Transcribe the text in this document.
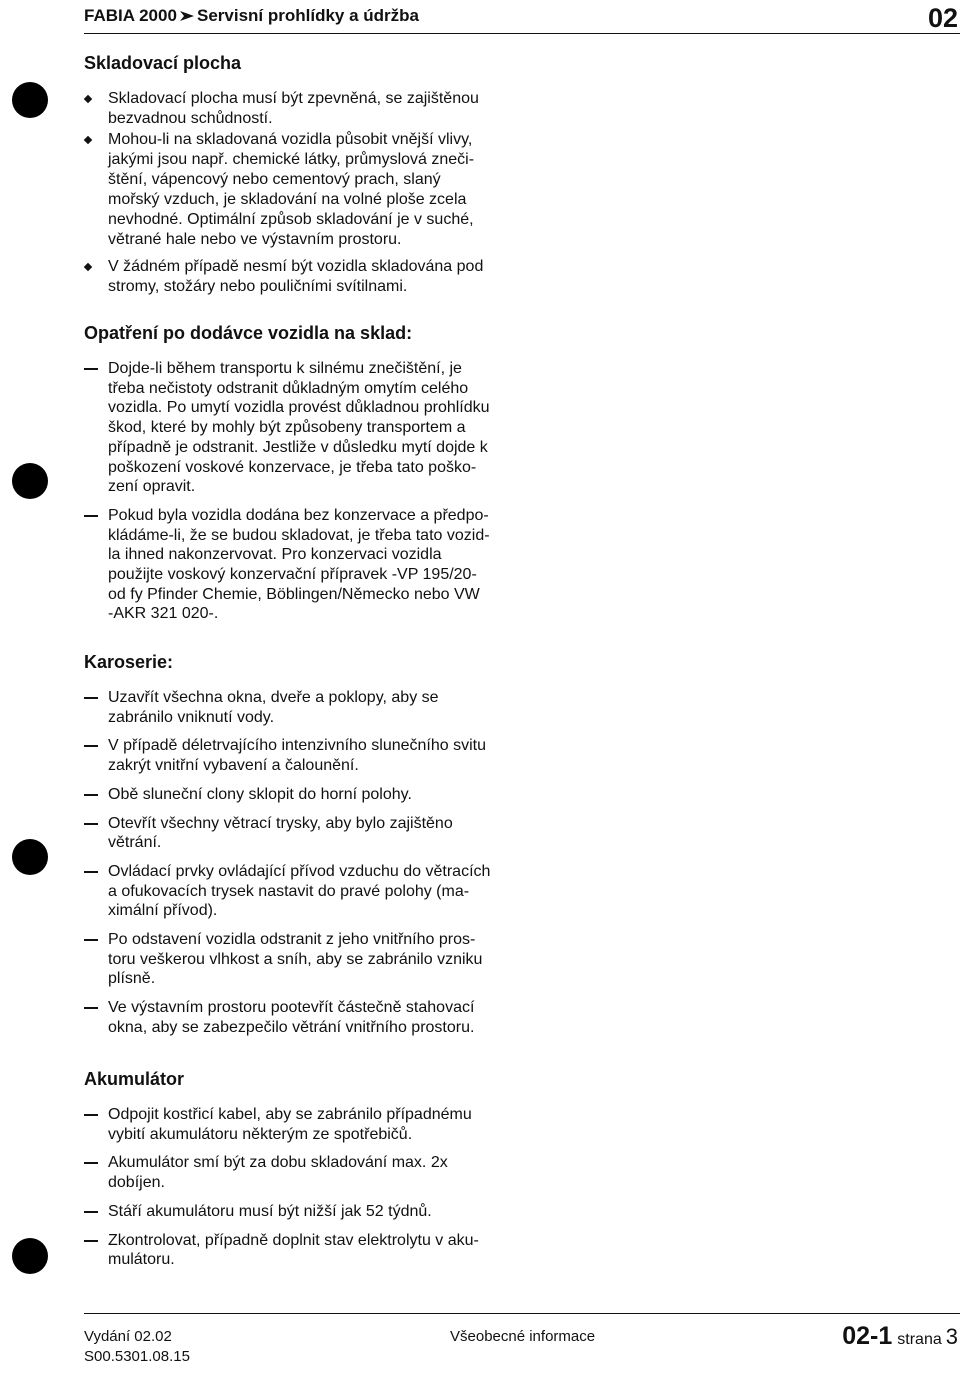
FABIA 2000 Servisní prohlídky a údržba	02
Skladovací plocha
Skladovací plocha musí být zpevněná, se zajištěnou
bezvadnou schůdností.
Mohou-li na skladovaná vozidla působit vnější vlivy,
jakými jsou např. chemické látky, průmyslová zneči-
štění, vápencový nebo cementový prach, slaný
mořský vzduch, je skladování na volné ploše zcela
nevhodné. Optimální způsob skladování je v suché,
větrané hale nebo ve výstavním prostoru.
V žádném případě nesmí být vozidla skladována pod
stromy, stožáry nebo pouličními svítilnami.
Opatření po dodávce vozidla na sklad:
Dojde-li během transportu k silnému znečištění, je
třeba nečistoty odstranit důkladným omytím celého
vozidla. Po umytí vozidla provést důkladnou prohlídku
škod, které by mohly být způsobeny transportem a
případně je odstranit. Jestliže v důsledku mytí dojde k
poškození voskové konzervace, je třeba tato poško-
zení opravit.
Pokud byla vozidla dodána bez konzervace a předpo-
kládáme-li, že se budou skladovat, je třeba tato vozid-
la ihned nakonzervovat. Pro konzervaci vozidla
použijte voskový konzervační přípravek -VP 195/20-
od fy Pfinder Chemie, Böblingen/Německo nebo VW
-AKR 321 020-.
Karoserie:
Uzavřít všechna okna, dveře a poklopy, aby se
zabránilo vniknutí vody.
V případě déletrvajícího intenzivního slunečního svitu
zakrýt vnitřní vybavení a čalounění.
Obě sluneční clony sklopit do horní polohy.
Otevřít všechny větrací trysky, aby bylo zajištěno
větrání.
Ovládací prvky ovládající přívod vzduchu do větracích
a ofukovacích trysek nastavit do pravé polohy (ma-
ximální přívod).
Po odstavení vozidla odstranit z jeho vnitřního pros-
toru veškerou vlhkost a sníh, aby se zabránilo vzniku
plísně.
Ve výstavním prostoru pootevřít částečně stahovací
okna, aby se zabezpečilo větrání vnitřního prostoru.
Akumulátor
Odpojit kostřicí kabel, aby se zabránilo případnému
vybití akumulátoru některým ze spotřebičů.
Akumulátor smí být za dobu skladování max. 2x
dobíjen.
Stáří akumulátoru musí být nižší jak 52 týdnů.
Zkontrolovat, případně doplnit stav elektrolytu v aku-
mulátoru.
Vydání 02.02
S00.5301.08.15
Všeobecné informace	02-1 strana 3
